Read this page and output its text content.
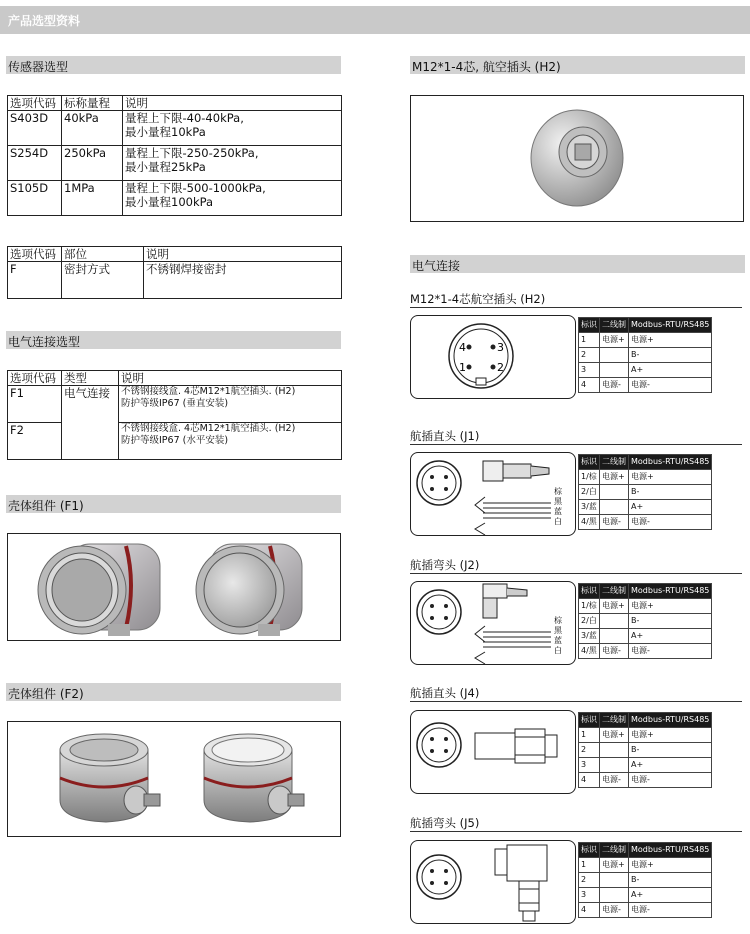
产品选型资料
传感器选型
选项代码	标称量程	说明
S403D	40kPa	量程上下限-40-40kPa,
最小量程10kPa

S254D	250kPa	量程上下限-250-250kPa,
最小量程25kPa

S105D	1MPa	量程上下限-500-1000kPa,
最小量程100kPa
选项代码	部位	说明
F	密封方式	不锈钢焊接密封
电气连接选型
选项代码	类型	说明
F1	电气连接	不锈钢接线盒. 4芯M12*1航空插头. (H2)
防护等级IP67 (垂直安装)

F2		不锈钢接线盒. 4芯M12*1航空插头. (H2)
防护等级IP67 (水平安装)
壳体组件 (F1)
壳体组件 (F2)
M12*1-4芯, 航空插头 (H2)
电气连接
M12*1-4芯航空插头 (H2)
4	3
1	2
标识	二线制	Modbus-RTU/RS485
1	电源+	电源+
2		B-
3		A+
4	电源-	电源-
航插直头 (J1)
棕
黑
蓝
白
标识	二线制	Modbus-RTU/RS485
1/棕	电源+	电源+
2/白		B-
3/蓝		A+
4/黑	电源-	电源-
航插弯头 (J2)
棕
黑
蓝
白
标识	二线制	Modbus-RTU/RS485
1/棕	电源+	电源+
2/白		B-
3/蓝		A+
4/黑	电源-	电源-
航插直头 (J4)
标识	二线制	Modbus-RTU/RS485
1	电源+	电源+
2		B-
3		A+
4	电源-	电源-
航插弯头 (J5)
标识	二线制	Modbus-RTU/RS485
1	电源+	电源+
2		B-
3		A+
4	电源-	电源-
